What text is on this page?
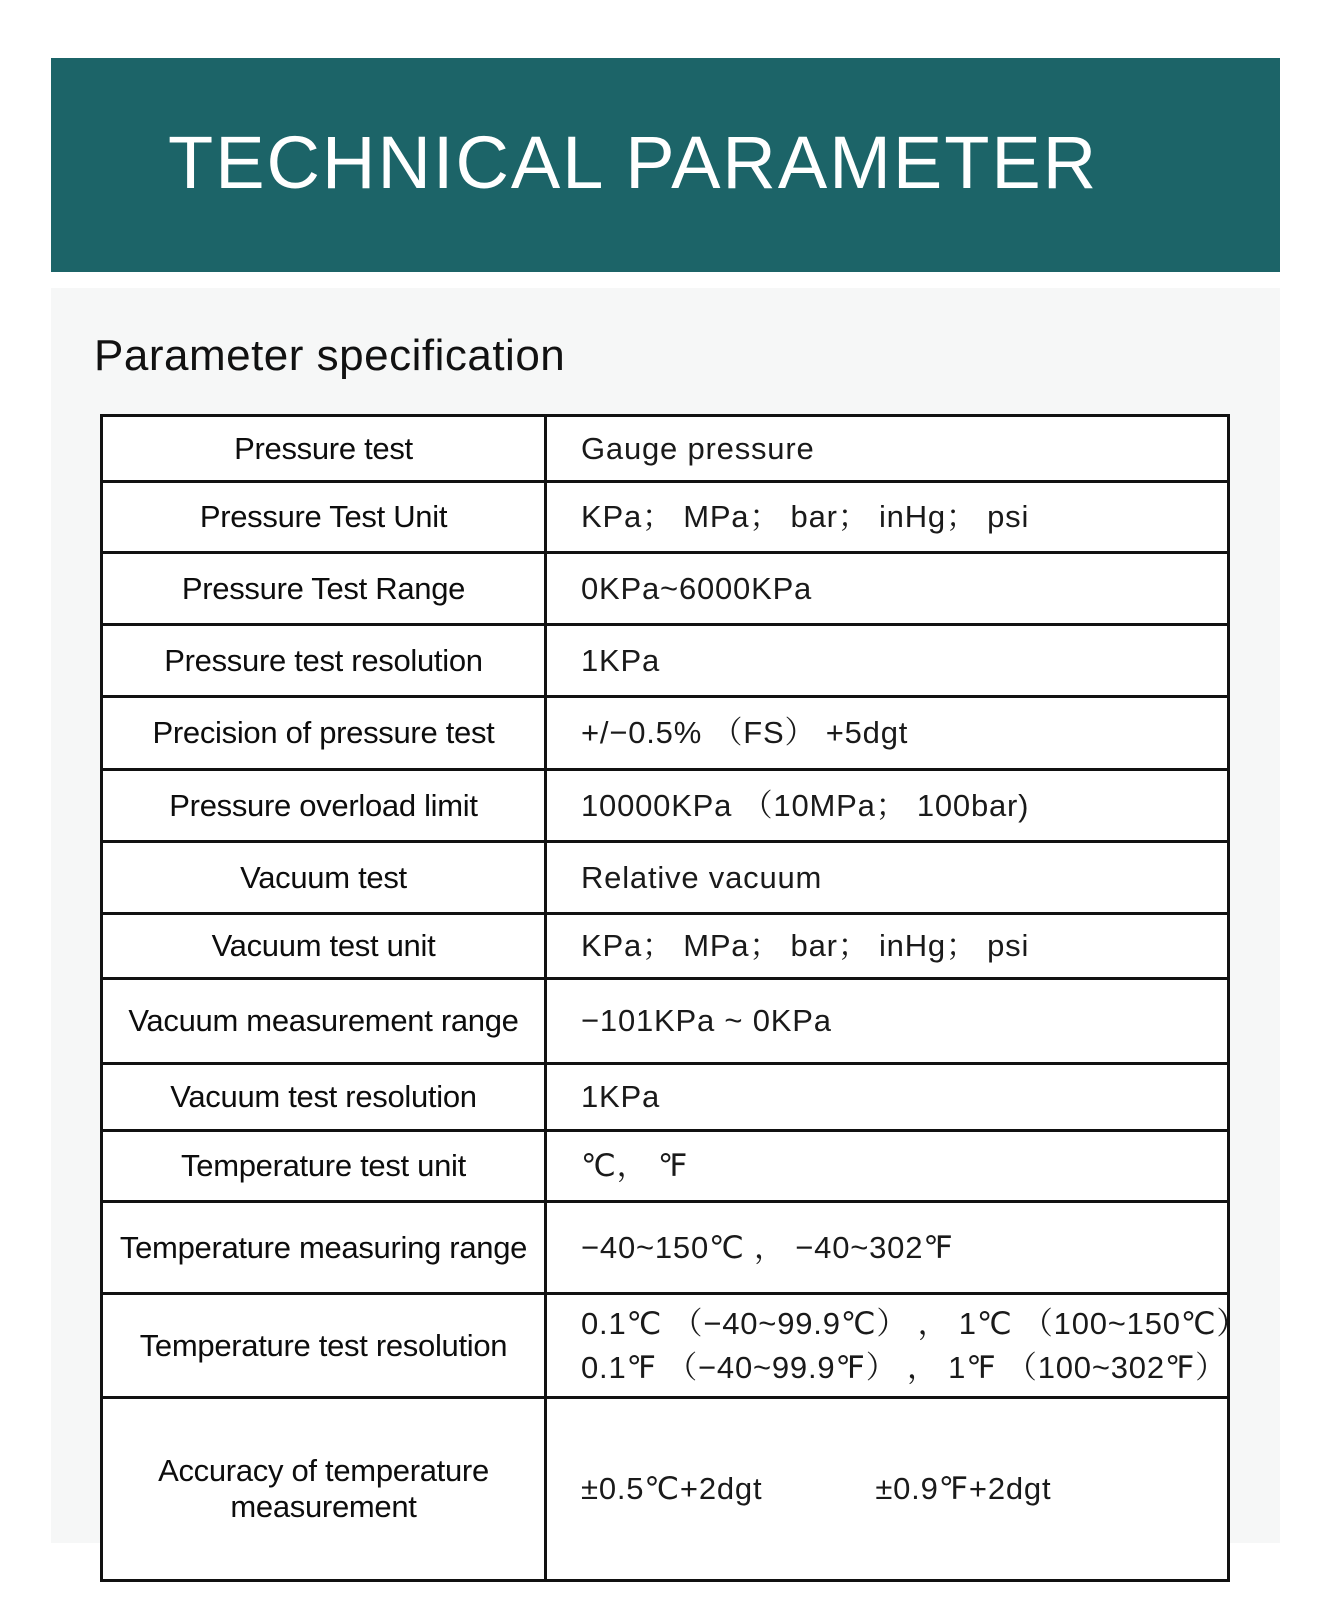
TECHNICAL PARAMETER
Parameter specification
Pressure test	Gauge pressure

Pressure Test Unit	KPa； MPa； bar； inHg； psi

Pressure Test Range	0KPa~6000KPa

Pressure test resolution	1KPa

Precision of pressure test	+/−0.5% （FS） +5dgt

Pressure overload limit	10000KPa （10MPa； 100bar)

Vacuum test	Relative vacuum

Vacuum test unit	KPa； MPa； bar； inHg； psi

Vacuum measurement range	−101KPa ~ 0KPa

Vacuum test resolution	1KPa

Temperature test unit	℃， ℉

Temperature measuring range	−40~150℃ ， −40~302℉

Temperature test resolution	0.1℃ （−40~99.9℃） ， 1℃ （100~150℃）
0.1℉ （−40~99.9℉） ， 1℉ （100~302℉）

Accuracy of temperature measurement	±0.5℃+2dgt            ±0.9℉+2dgt
